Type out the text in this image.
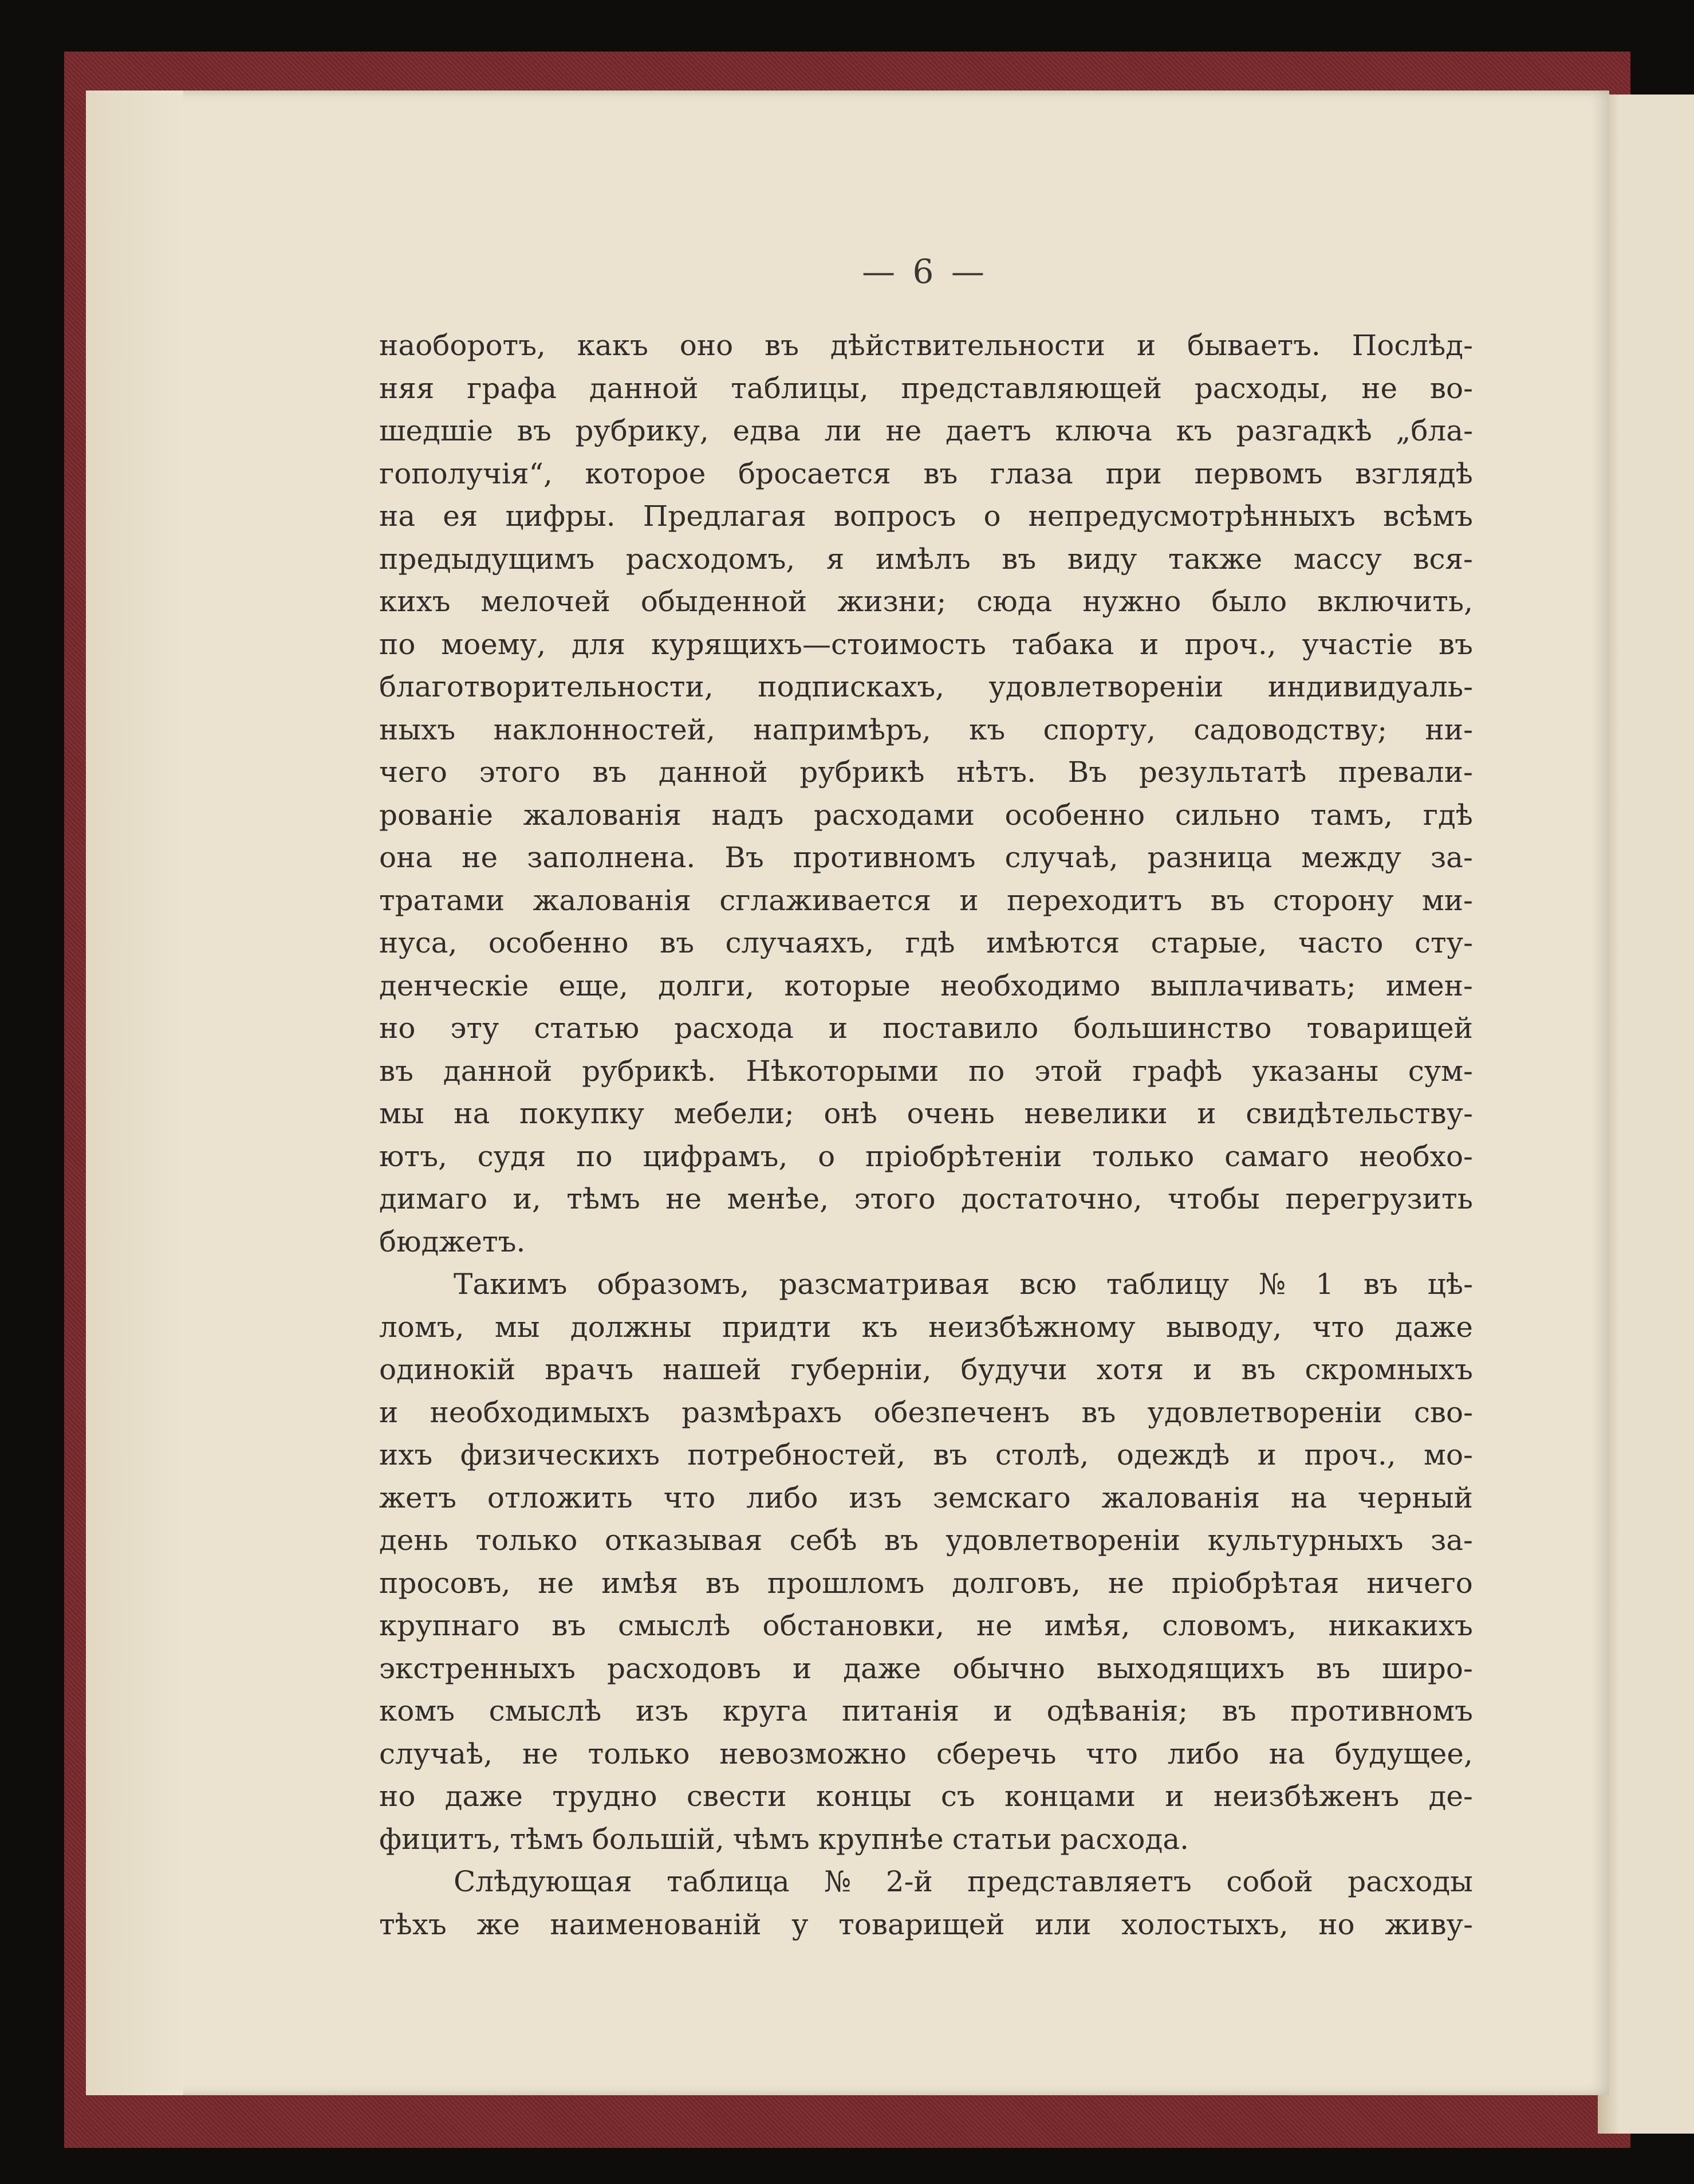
— 6 —
наоборотъ, какъ оно въ дѣйствительности и бываетъ. Послѣд-
няя графа данной таблицы, представляющей расходы, не во-
шедшіе въ рубрику, едва ли не даетъ ключа къ разгадкѣ „бла-
гополучія“, которое бросается въ глаза при первомъ взглядѣ
на ея цифры. Предлагая вопросъ о непредусмотрѣнныхъ всѣмъ
предыдущимъ расходомъ, я имѣлъ въ виду также массу вся-
кихъ мелочей обыденной жизни; сюда нужно было включить,
по моему, для курящихъ—стоимость табака и проч., участіе въ
благотворительности, подпискахъ, удовлетвореніи индивидуаль-
ныхъ наклонностей, напримѣръ, къ спорту, садоводству; ни-
чего этого въ данной рубрикѣ нѣтъ. Въ результатѣ превали-
рованіе жалованія надъ расходами особенно сильно тамъ, гдѣ
она не заполнена. Въ противномъ случаѣ, разница между за-
тратами жалованія сглаживается и переходитъ въ сторону ми-
нуса, особенно въ случаяхъ, гдѣ имѣются старые, часто сту-
денческіе еще, долги, которые необходимо выплачивать; имен-
но эту статью расхода и поставило большинство товарищей
въ данной рубрикѣ. Нѣкоторыми по этой графѣ указаны сум-
мы на покупку мебели; онѣ очень невелики и свидѣтельству-
ютъ, судя по цифрамъ, о пріобрѣтеніи только самаго необхо-
димаго и, тѣмъ не менѣе, этого достаточно, чтобы перегрузить
бюджетъ.
Такимъ образомъ, разсматривая всю таблицу № 1 въ цѣ-
ломъ, мы должны придти къ неизбѣжному выводу, что даже
одинокій врачъ нашей губерніи, будучи хотя и въ скромныхъ
и необходимыхъ размѣрахъ обезпеченъ въ удовлетвореніи сво-
ихъ физическихъ потребностей, въ столѣ, одеждѣ и проч., мо-
жетъ отложить что либо изъ земскаго жалованія на черный
день только отказывая себѣ въ удовлетвореніи культурныхъ за-
просовъ, не имѣя въ прошломъ долговъ, не пріобрѣтая ничего
крупнаго въ смыслѣ обстановки, не имѣя, словомъ, никакихъ
экстренныхъ расходовъ и даже обычно выходящихъ въ широ-
комъ смыслѣ изъ круга питанія и одѣванія; въ противномъ
случаѣ, не только невозможно сберечь что либо на будущее,
но даже трудно свести концы съ концами и неизбѣженъ де-
фицитъ, тѣмъ большій, чѣмъ крупнѣе статьи расхода.
Слѣдующая таблица № 2-й представляетъ собой расходы
тѣхъ же наименованій у товарищей или холостыхъ, но живу-
